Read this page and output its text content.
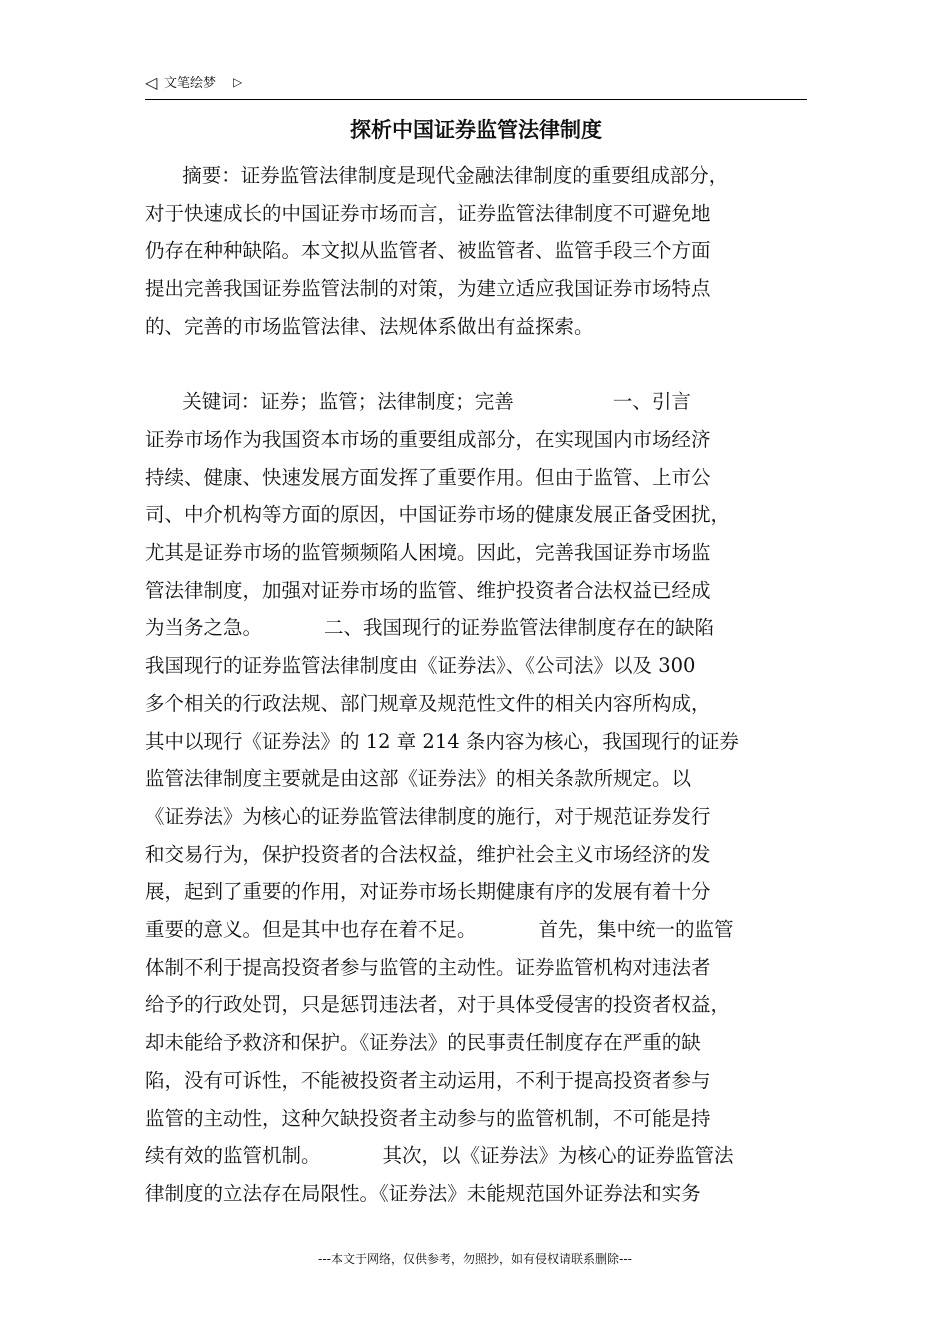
◁ 文笔绘梦 ▷
探析中国证券监管法律制度
摘要：证券监管法律制度是现代金融法律制度的重要组成部分，
对于快速成长的中国证券市场而言，证券监管法律制度不可避免地
仍存在种种缺陷。本文拟从监管者、被监管者、监管手段三个方面
提出完善我国证券监管法制的对策，为建立适应我国证券市场特点
的、完善的市场监管法律、法规体系做出有益探索。
关键词：证券；监管；法律制度；完善                一、引言
证券市场作为我国资本市场的重要组成部分，在实现国内市场经济
持续、健康、快速发展方面发挥了重要作用。但由于监管、上市公
司、中介机构等方面的原因，中国证券市场的健康发展正备受困扰，
尤其是证券市场的监管频频陷人困境。因此，完善我国证券市场监
管法律制度，加强对证券市场的监管、维护投资者合法权益已经成
为当务之急。          二、我国现行的证券监管法律制度存在的缺陷
我国现行的证券监管法律制度由《证券法》、《公司法》以及 300
多个相关的行政法规、部门规章及规范性文件的相关内容所构成，
其中以现行《证券法》的 12 章 214 条内容为核心，我国现行的证券
监管法律制度主要就是由这部《证券法》的相关条款所规定。以
《证券法》为核心的证券监管法律制度的施行，对于规范证券发行
和交易行为，保护投资者的合法权益，维护社会主义市场经济的发
展，起到了重要的作用，对证券市场长期健康有序的发展有着十分
重要的意义。但是其中也存在着不足。          首先，集中统一的监管
体制不利于提高投资者参与监管的主动性。证券监管机构对违法者
给予的行政处罚，只是惩罚违法者，对于具体受侵害的投资者权益，
却未能给予救济和保护。《证券法》的民事责任制度存在严重的缺
陷，没有可诉性，不能被投资者主动运用，不利于提高投资者参与
监管的主动性，这种欠缺投资者主动参与的监管机制，不可能是持
续有效的监管机制。          其次，以《证券法》为核心的证券监管法
律制度的立法存在局限性。《证券法》未能规范国外证券法和实务
---本文于网络，仅供参考，勿照抄，如有侵权请联系删除---
